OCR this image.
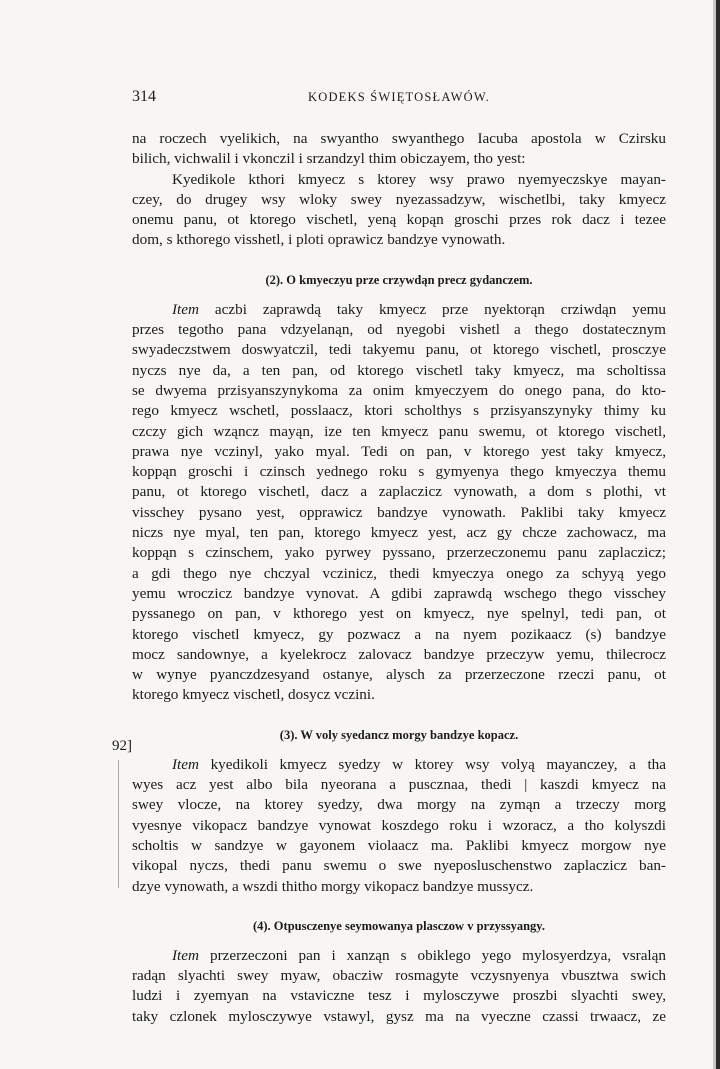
314	KODEKS ŚWIĘTOSŁAWÓW.
92]
na roczech vyelikich, na swyantho swyanthego Iacuba apostola w Czirsku
bilich, vichwalil i vkonczil i srzandzyl thim obiczayem, tho yest:
Kyedikole kthori kmyecz s ktorey wsy prawo nyemyeczskye mayan-
czey, do drugey wsy wloky swey nyezassadzyw, wischetlbi, taky kmyecz
onemu panu, ot ktorego vischetl, yeną kopąn groschi przes rok dacz i tezee
dom, s kthorego visshetl, i ploti oprawicz bandzye vynowath.
(2). O kmyeczyu prze crzywdąn precz gydanczem.
Item aczbi zaprawdą taky kmyecz prze nyektorąn crziwdąn yemu
przes tegotho pana vdzyelanąn, od nyegobi vishetl a thego dostatecznym
swyadeczstwem doswyatczil, tedi takyemu panu, ot ktorego vischetl, prosczye
nyczs nye da, a ten pan, od ktorego vischetl taky kmyecz, ma scholtissa
se dwyema przisyanszynykoma za onim kmyeczyem do onego pana, do kto-
rego kmyecz wschetl, posslaacz, ktori scholthys s przisyanszynyky thimy ku
czczy gich wząncz mayąn, ize ten kmyecz panu swemu, ot ktorego vischetl,
prawa nye vczinyl, yako myal. Tedi on pan, v ktorego yest taky kmyecz,
koppąn groschi i czinsch yednego roku s gymyenya thego kmyeczya themu
panu, ot ktorego vischetl, dacz a zaplaczicz vynowath, a dom s plothi, vt
visschey pysano yest, opprawicz bandzye vynowath. Paklibi taky kmyecz
niczs nye myal, ten pan, ktorego kmyecz yest, acz gy chcze zachowacz, ma
koppąn s czinschem, yako pyrwey pyssano, przerzeczonemu panu zaplaczicz;
a gdi thego nye chczyal vczinicz, thedi kmyeczya onego za schyyą yego
yemu wroczicz bandzye vynovat. A gdibi zaprawdą wschego thego visschey
pyssanego on pan, v kthorego yest on kmyecz, nye spelnyl, tedi pan, ot
ktorego vischetl kmyecz, gy pozwacz a na nyem pozikaacz (s) bandzye
mocz sandownye, a kyelekrocz zalovacz bandzye przeczyw yemu, thilecrocz
w wynye pyanczdzesyand ostanye, alysch za przerzeczone rzeczi panu, ot
ktorego kmyecz vischetl, dosycz vczini.
(3). W voly syedancz morgy bandzye kopacz.
Item kyedikoli kmyecz syedzy w ktorey wsy volyą mayanczey, a tha
wyes acz yest albo bila nyeorana a puscznaa, thedi | kaszdi kmyecz na
swey vlocze, na ktorey syedzy, dwa morgy na zymąn a trzeczy morg
vyesnye vikopacz bandzye vynowat koszdego roku i wzoracz, a tho kolyszdi
scholtis w sandzye w gayonem violaacz ma. Paklibi kmyecz morgow nye
vikopal nyczs, thedi panu swemu o swe nyeposluschenstwo zaplaczicz ban-
dzye vynowath, a wszdi thitho morgy vikopacz bandzye mussycz.
(4). Otpusczenye seymowanya plasczow v przyssyangy.
Item przerzeczoni pan i xanząn s obiklego yego mylosyerdzya, vsraląn
radąn slyachti swey myaw, obacziw rosmagyte vczysnyenya vbusztwa swich
ludzi i zyemyan na vstaviczne tesz i mylosczywe proszbi slyachti swey,
taky czlonek mylosczywye vstawyl, gysz ma na vyeczne czassi trwaacz, ze
